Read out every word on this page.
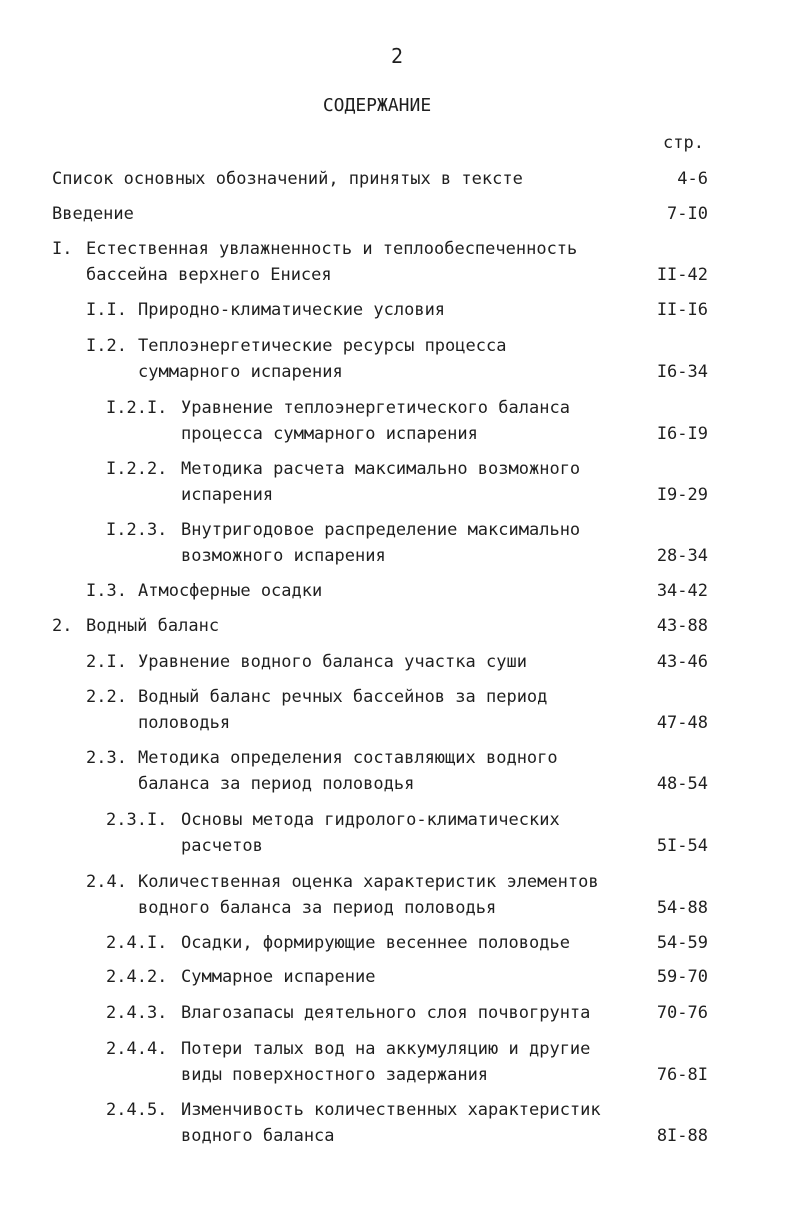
2
СОДЕРЖАНИЕ
стр.
Список основных обозначений, принятых в тексте	4-6
Введение	7-I0
I. Естественная увлажненность и теплообеспеченность
бассейна верхнего Енисея	II-42
I.I. Природно-климатические условия	II-I6
I.2. Теплоэнергетические ресурсы процесса
суммарного испарения	I6-34
I.2.I. Уравнение теплоэнергетического баланса
процесса суммарного испарения	I6-I9
I.2.2. Методика расчета максимально возможного
испарения	I9-29
I.2.3. Внутригодовое распределение максимально
возможного испарения	28-34
I.3. Атмосферные осадки	34-42
2. Водный баланс	43-88
2.I. Уравнение водного баланса участка суши	43-46
2.2. Водный баланс речных бассейнов за период
половодья	47-48
2.3. Методика определения составляющих водного
баланса за период половодья	48-54
2.3.I. Основы метода гидролого-климатических
расчетов	5I-54
2.4. Количественная оценка характеристик элементов
водного баланса за период половодья	54-88
2.4.I. Осадки, формирующие весеннее половодье	54-59
2.4.2. Суммарное испарение	59-70
2.4.3. Влагозапасы деятельного слоя почвогрунта	70-76
2.4.4. Потери талых вод на аккумуляцию и другие
виды поверхностного задержания	76-8I
2.4.5. Изменчивость количественных характеристик
водного баланса	8I-88
